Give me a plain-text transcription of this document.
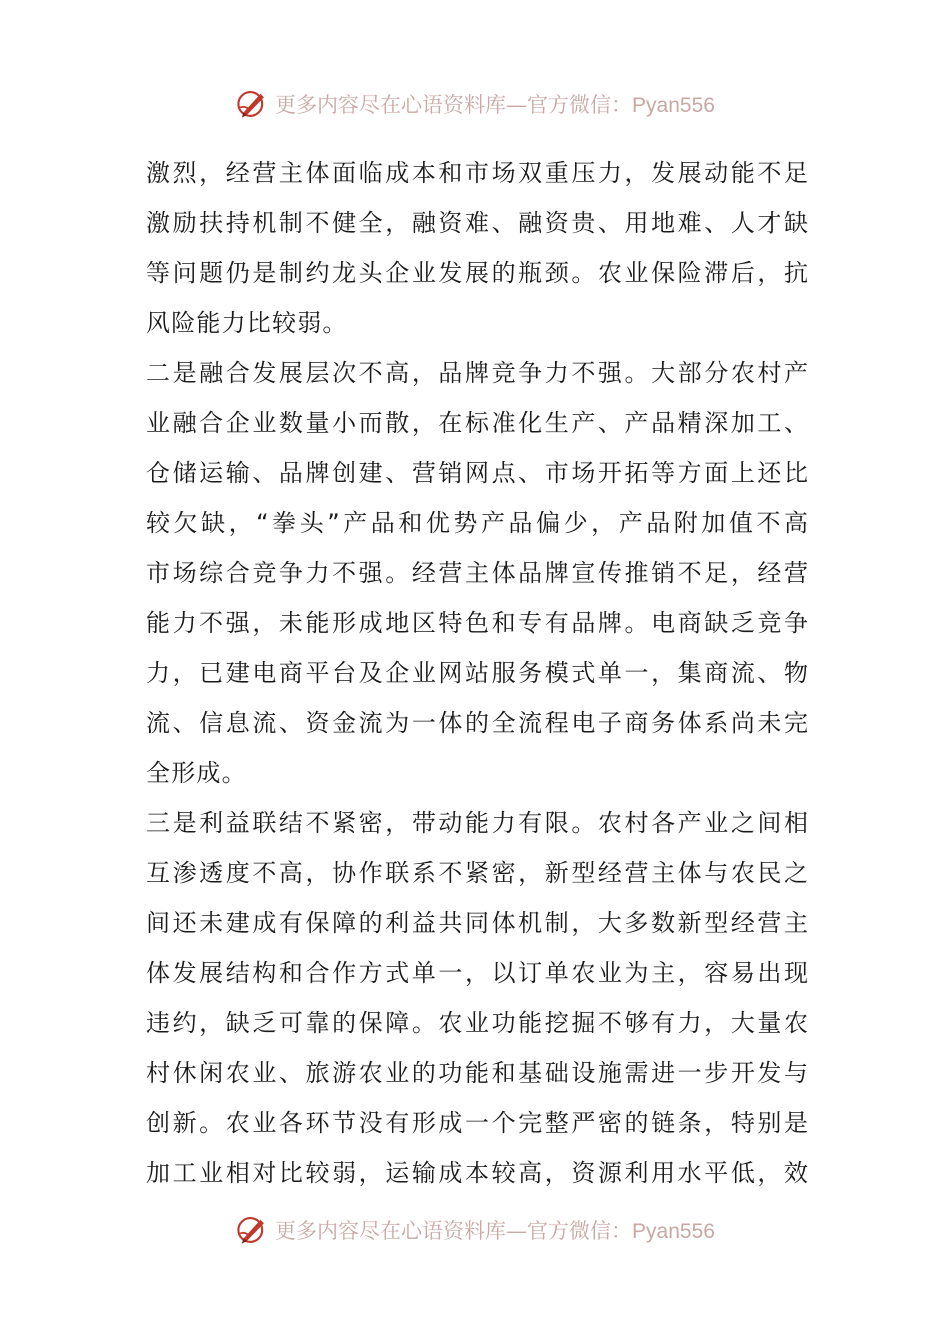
更多内容尽在心语资料库—官方微信：Pyan556
激烈，经营主体面临成本和市场双重压力，发展动能不足
激励扶持机制不健全，融资难、融资贵、用地难、人才缺
等问题仍是制约龙头企业发展的瓶颈。农业保险滞后，抗
风险能力比较弱。
二是融合发展层次不高，品牌竞争力不强。大部分农村产
业融合企业数量小而散，在标准化生产、产品精深加工、
仓储运输、品牌创建、营销网点、市场开拓等方面上还比
较欠缺，“拳头”产品和优势产品偏少，产品附加值不高
市场综合竞争力不强。经营主体品牌宣传推销不足，经营
能力不强，未能形成地区特色和专有品牌。电商缺乏竞争
力，已建电商平台及企业网站服务模式单一，集商流、物
流、信息流、资金流为一体的全流程电子商务体系尚未完
全形成。
三是利益联结不紧密，带动能力有限。农村各产业之间相
互渗透度不高，协作联系不紧密，新型经营主体与农民之
间还未建成有保障的利益共同体机制，大多数新型经营主
体发展结构和合作方式单一，以订单农业为主，容易出现
违约，缺乏可靠的保障。农业功能挖掘不够有力，大量农
村休闲农业、旅游农业的功能和基础设施需进一步开发与
创新。农业各环节没有形成一个完整严密的链条，特别是
加工业相对比较弱，运输成本较高，资源利用水平低，效
更多内容尽在心语资料库—官方微信：Pyan556
